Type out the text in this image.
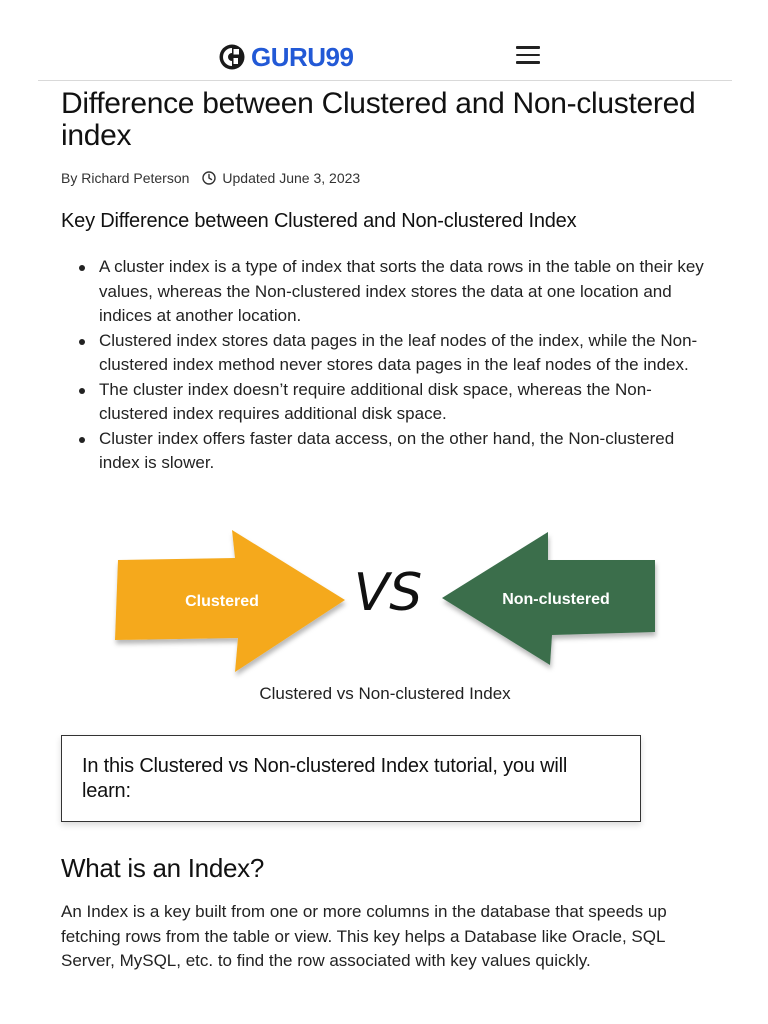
GURU99
Difference between Clustered and Non-clustered index
By Richard Peterson Updated June 3, 2023
Key Difference between Clustered and Non-clustered Index
A cluster index is a type of index that sorts the data rows in the table on their key values, whereas the Non-clustered index stores the data at one location and indices at another location.
Clustered index stores data pages in the leaf nodes of the index, while the Non-clustered index method never stores data pages in the leaf nodes of the index.
The cluster index doesn’t require additional disk space, whereas the Non-clustered index requires additional disk space.
Cluster index offers faster data access, on the other hand, the Non-clustered index is slower.
Clustered VS	Non-clustered
Clustered vs Non-clustered Index
In this Clustered vs Non-clustered Index tutorial, you will learn:
What is an Index?

An Index is a key built from one or more columns in the database that speeds up fetching rows from the table or view. This key helps a Database like Oracle, SQL Server, MySQL, etc. to find the row associated with key values quickly.
